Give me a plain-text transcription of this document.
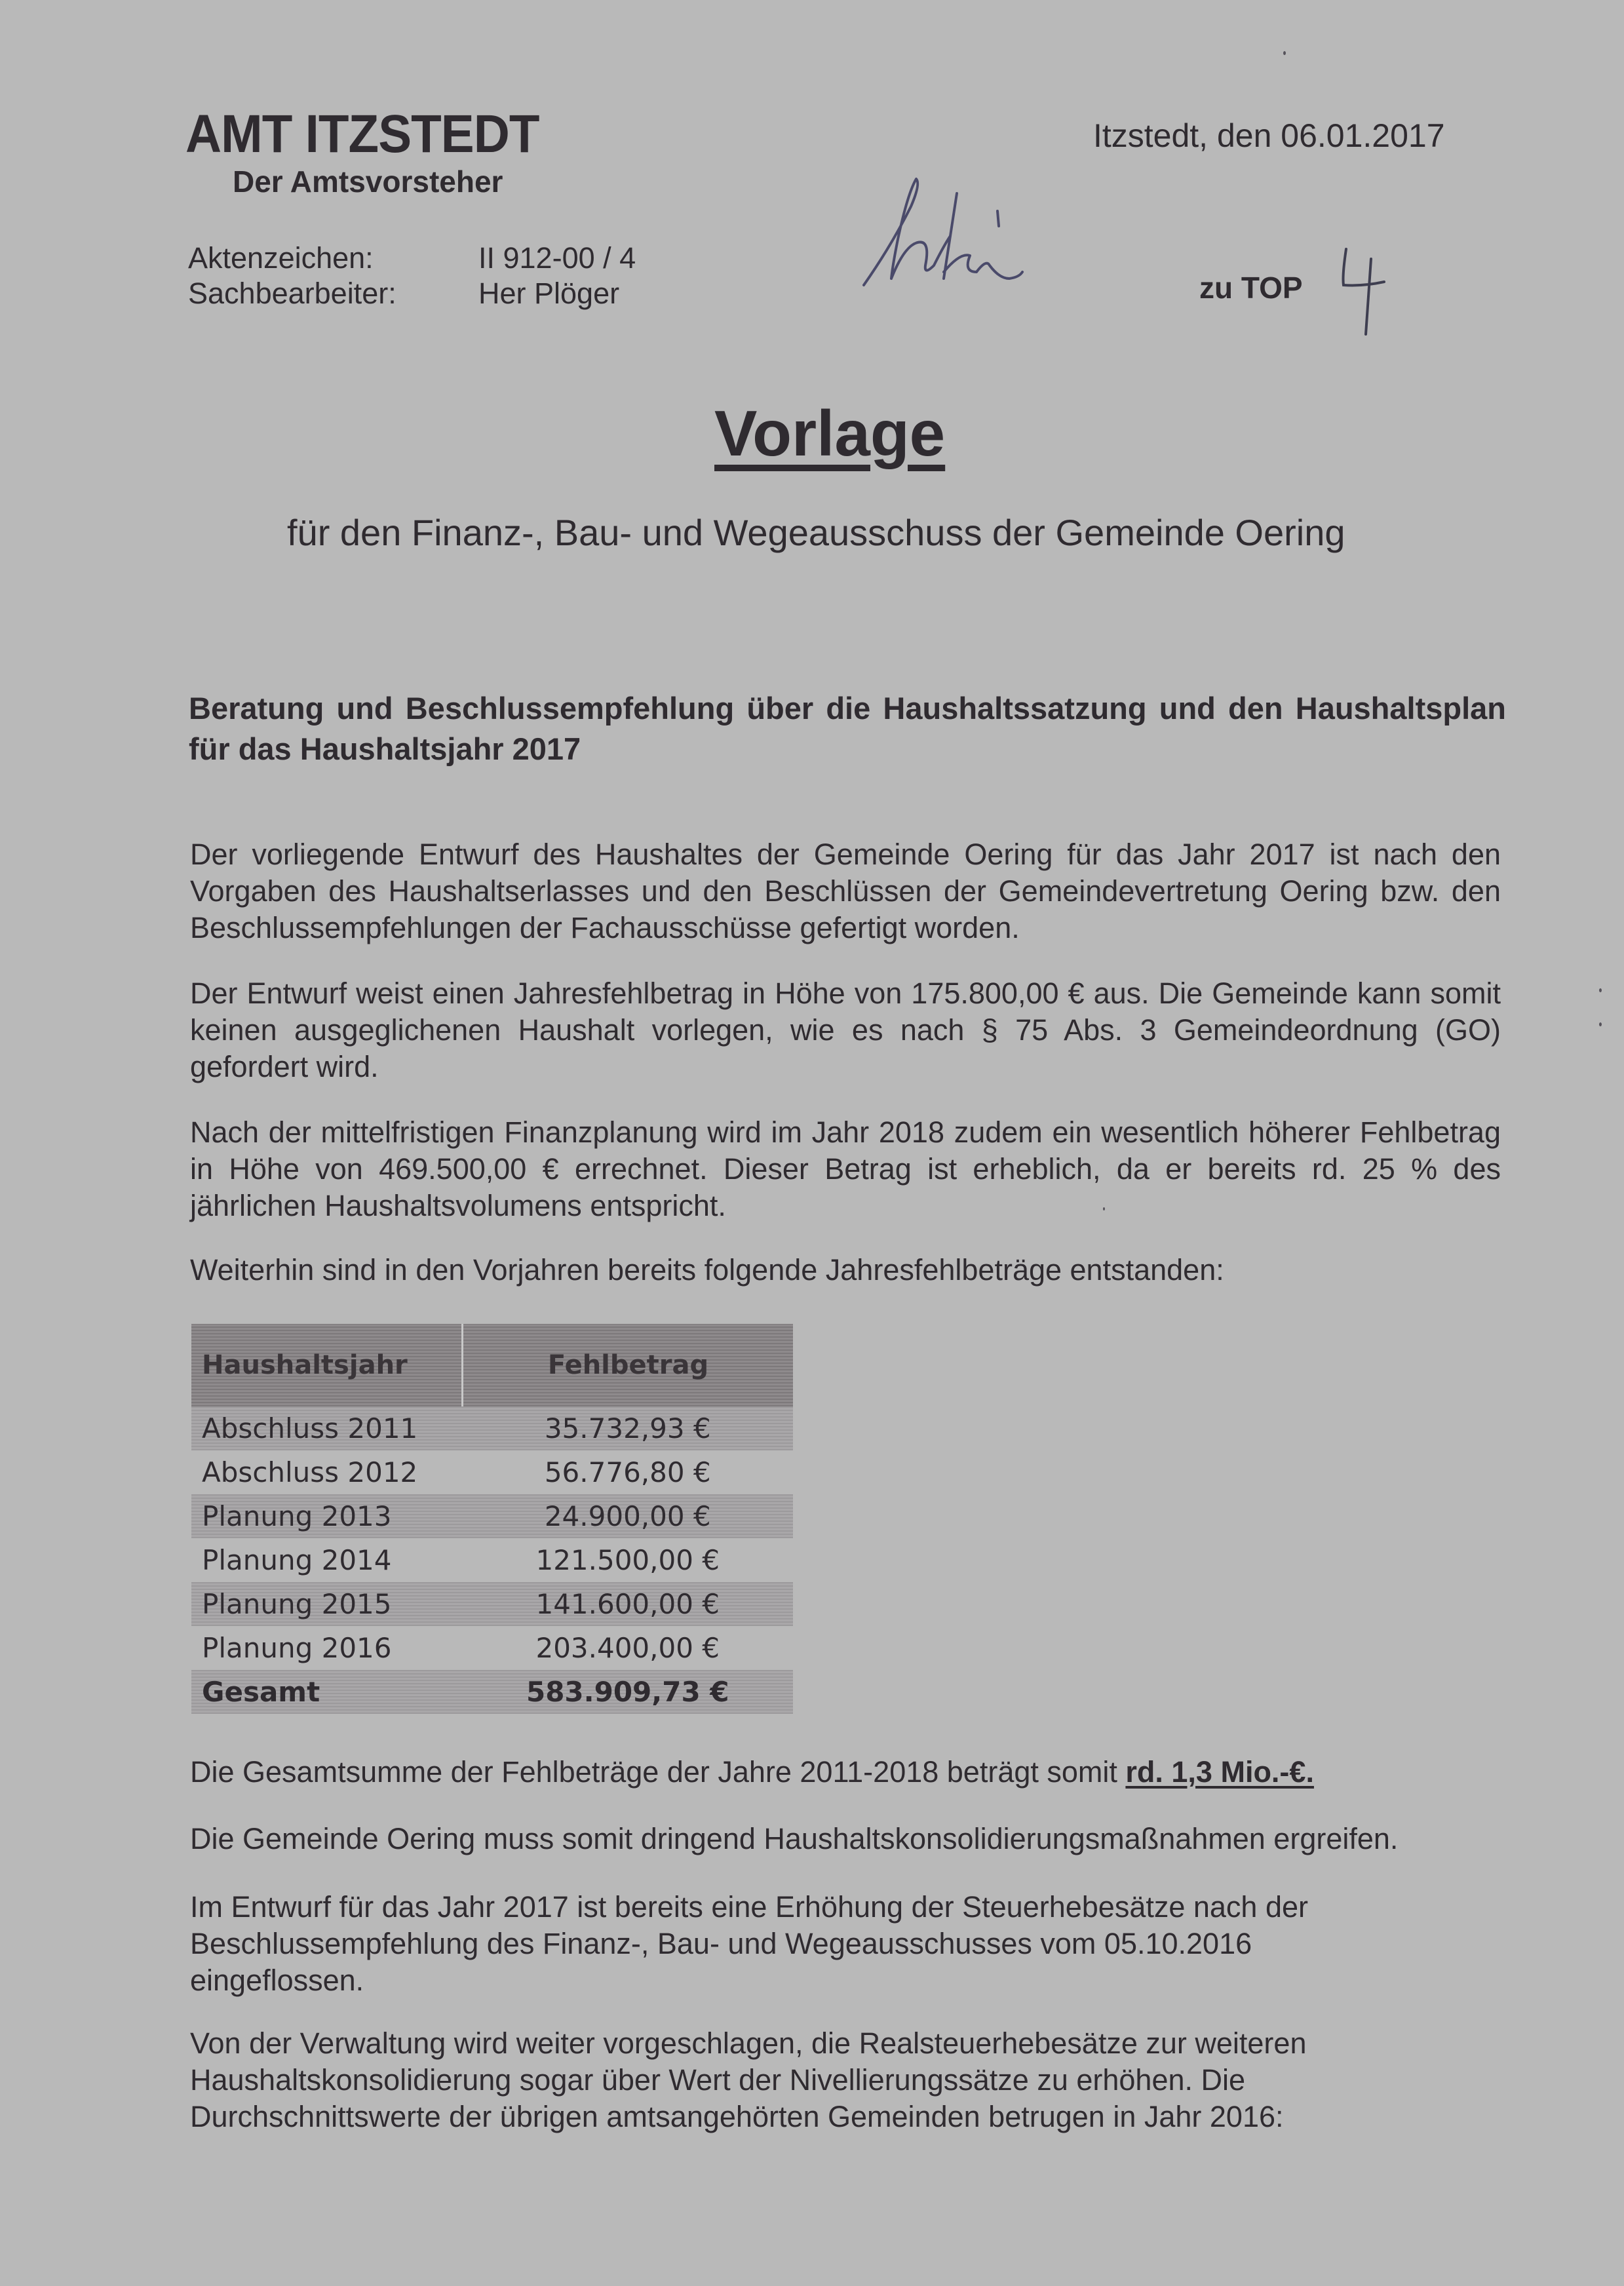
AMT ITZSTEDT
Der Amtsvorsteher
Itzstedt, den 06.01.2017
Aktenzeichen:	II 912-00 / 4
Sachbearbeiter:	Her Plöger	zu TOP
Vorlage
für den Finanz-, Bau- und Wegeausschuss der Gemeinde Oering
Beratung und Beschlussempfehlung über die Haushaltssatzung und den Haushaltsplan für das Haushaltsjahr 2017
Der vorliegende Entwurf des Haushaltes der Gemeinde Oering für das Jahr 2017 ist nach den Vorgaben des Haushaltserlasses und den Beschlüssen der Gemeindevertretung Oering bzw. den Beschlussempfehlungen der Fachausschüsse gefertigt worden.
Der Entwurf weist einen Jahresfehlbetrag in Höhe von 175.800,00 € aus. Die Gemeinde kann somit keinen ausgeglichenen Haushalt vorlegen, wie es nach § 75 Abs. 3 Gemeindeordnung (GO) gefordert wird.
Nach der mittelfristigen Finanzplanung wird im Jahr 2018 zudem ein wesentlich höherer Fehlbetrag in Höhe von 469.500,00 € errechnet. Dieser Betrag ist erheblich, da er bereits rd. 25 % des jährlichen Haushaltsvolumens entspricht.
Weiterhin sind in den Vorjahren bereits folgende Jahresfehlbeträge entstanden:
Haushaltsjahr	Fehlbetrag
Abschluss 2011	35.732,93 €
Abschluss 2012	56.776,80 €
Planung 2013	24.900,00 €
Planung 2014	121.500,00 €
Planung 2015	141.600,00 €
Planung 2016	203.400,00 €
Gesamt	583.909,73 €
Die Gesamtsumme der Fehlbeträge der Jahre 2011-2018 beträgt somit rd. 1,3 Mio.-€.
Die Gemeinde Oering muss somit dringend Haushaltskonsolidierungsmaßnahmen ergreifen.
Im Entwurf für das Jahr 2017 ist bereits eine Erhöhung der Steuerhebesätze nach der Beschlussempfehlung des Finanz-, Bau- und Wegeausschusses vom 05.10.2016 eingeflossen.
Von der Verwaltung wird weiter vorgeschlagen, die Realsteuerhebesätze zur weiteren Haushaltskonsolidierung sogar über Wert der Nivellierungssätze zu erhöhen. Die Durchschnittswerte der übrigen amtsangehörten Gemeinden betrugen in Jahr 2016:
